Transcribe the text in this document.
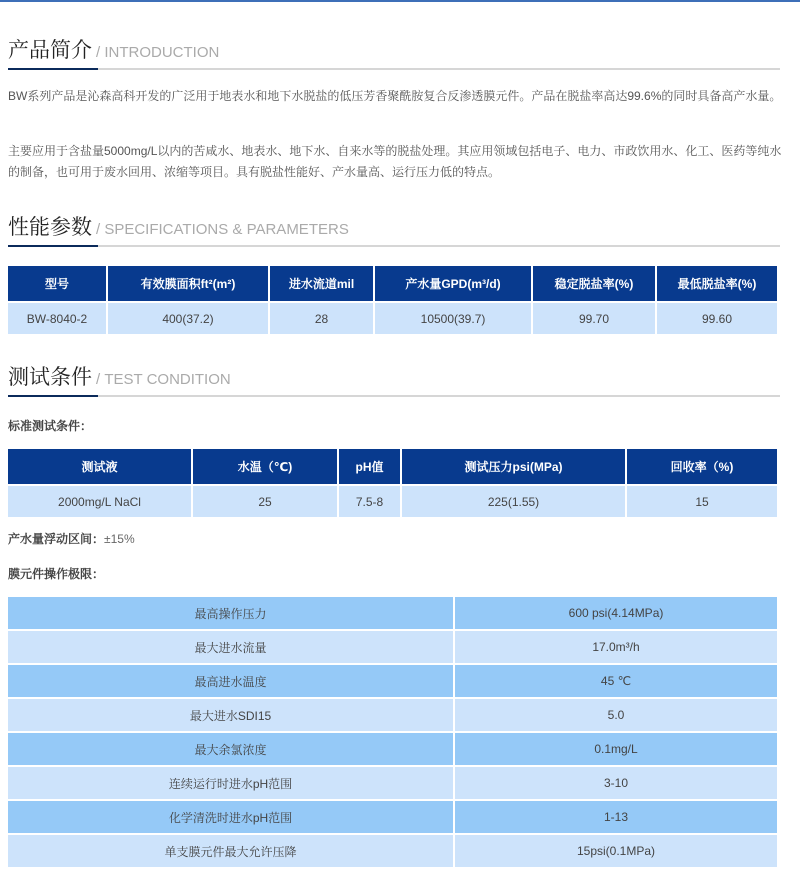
产品简介 / INTRODUCTION
BW系列产品是沁森高科开发的广泛用于地表水和地下水脱盐的低压芳香聚酰胺复合反渗透膜元件。产品在脱盐率高达99.6%的同时具备高产水量。
主要应用于含盐量5000mg/L以内的苦咸水、地表水、地下水、自来水等的脱盐处理。其应用领域包括电子、电力、市政饮用水、化工、医药等纯水的制备，也可用于废水回用、浓缩等项目。具有脱盐性能好、产水量高、运行压力低的特点。
性能参数 / SPECIFICATIONS & PARAMETERS
型号	有效膜面积ft²(m²)	进水流道mil	产水量GPD(m³/d)	稳定脱盐率(%)	最低脱盐率(%)
BW-8040-2	400(37.2)	28	10500(39.7)	99.70	99.60
测试条件 / TEST CONDITION
标准测试条件：
测试液	水温（℃)	pH值	测试压力psi(MPa)	回收率（%)
2000mg/L NaCl	25	7.5-8	225(1.55)	15
产水量浮动区间：±15%
膜元件操作极限：
最高操作压力	600 psi(4.14MPa)
最大进水流量	17.0m³/h
最高进水温度	45 ℃
最大进水SDI15	5.0
最大余氯浓度	0.1mg/L
连续运行时进水pH范围	3-10
化学清洗时进水pH范围	1-13
单支膜元件最大允许压降	15psi(0.1MPa)
